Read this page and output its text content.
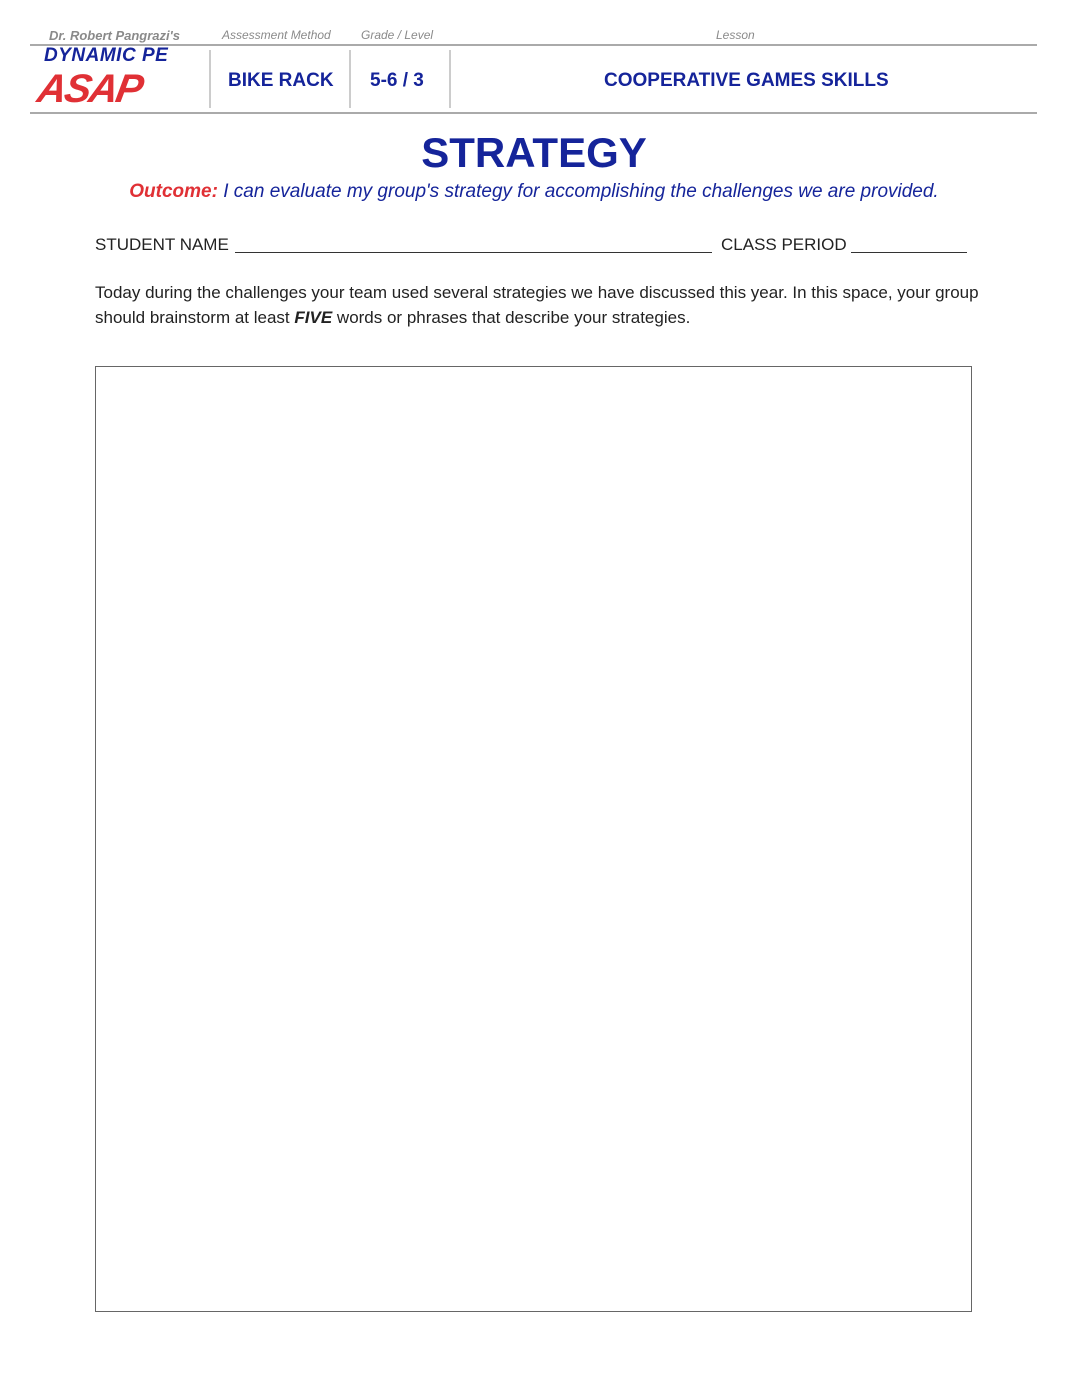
Dr. Robert Pangrazi's	Assessment Method	Grade / Level	Lesson
DYNAMIC PE
ASAP	BIKE RACK 5-6 / 3	COOPERATIVE GAMES SKILLS
STRATEGY
Outcome: I can evaluate my group's strategy for accomplishing the challenges we are provided.
STUDENT NAME	CLASS PERIOD
Today during the challenges your team used several strategies we have discussed this year. In this space, your group should brainstorm at least FIVE words or phrases that describe your strategies.
